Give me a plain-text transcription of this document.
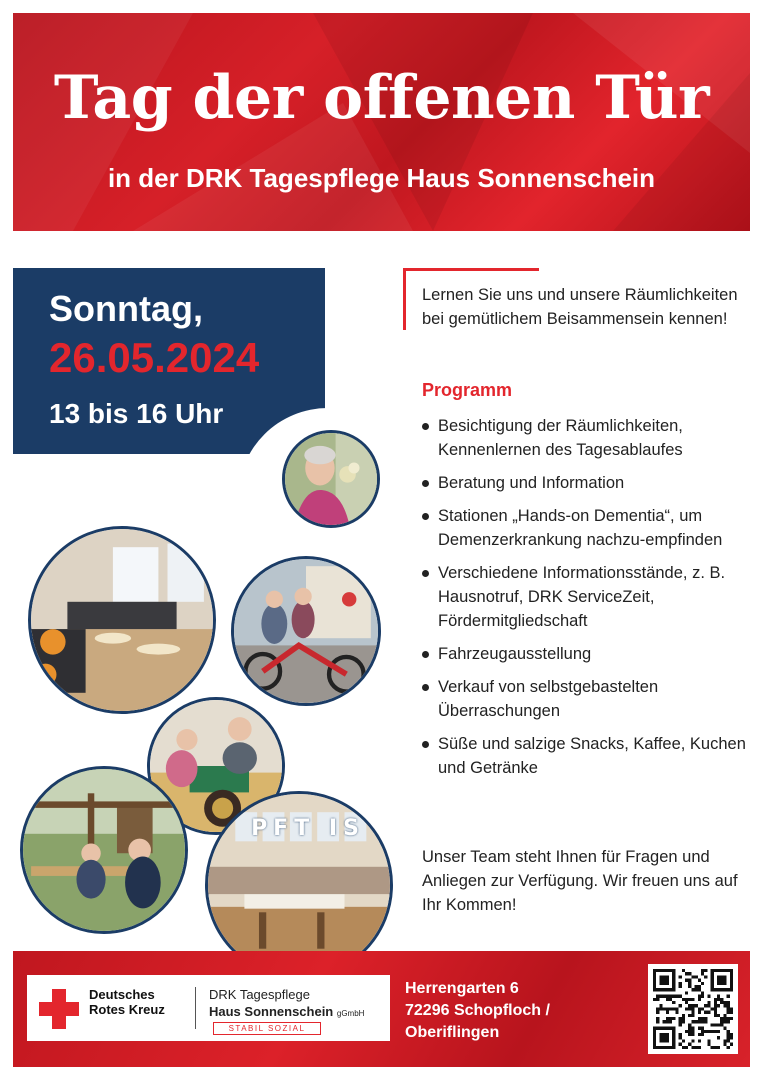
Tag der offenen Tür
in der DRK Tagespflege Haus Sonnenschein
Sonntag,
26.05.2024
13 bis 16 Uhr
PFT IS

Lernen Sie uns und unsere Räumlichkeiten bei gemütlichem Beisammensein kennen!

Programm
Besichtigung der Räumlichkeiten, Kennenlernen des Tagesablaufes
Beratung und Information
Stationen „Hands-on Dementia“, um Demenzerkrankung nachzu-empfinden
Verschiedene Informationsstände, z. B. Hausnotruf, DRK ServiceZeit, Fördermitgliedschaft
Fahrzeugausstellung
Verkauf von selbstgebastelten Überraschungen
Süße und salzige Snacks, Kaffee, Kuchen und Getränke

Unser Team steht Ihnen für Fragen und Anliegen zur Verfügung. Wir freuen uns auf Ihr Kommen!

Deutsches Rotes Kreuz
DRK Tagespflege
Haus Sonnenschein gGmbH
STABIL SOZIAL
Herrengarten 6
72296 Schopfloch /
Oberiflingen
